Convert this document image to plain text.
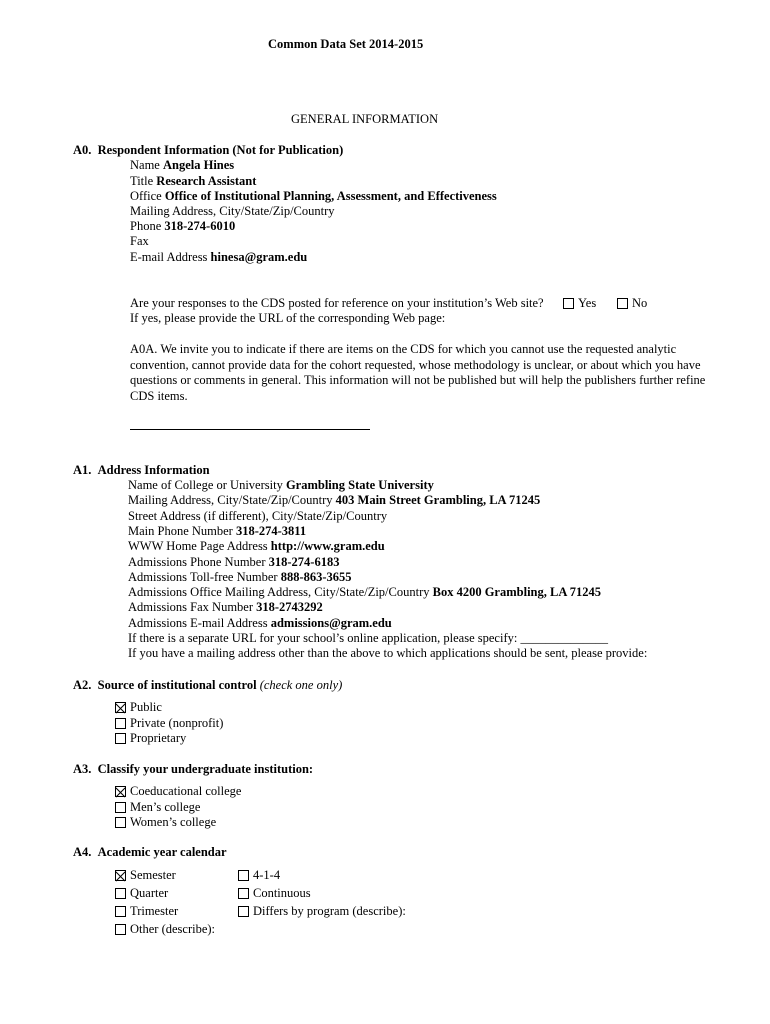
Common Data Set 2014-2015
GENERAL INFORMATION
A0. Respondent Information (Not for Publication)
Name Angela Hines
Title Research Assistant
Office Office of Institutional Planning, Assessment, and Effectiveness
Mailing Address, City/State/Zip/Country
Phone 318-274-6010
Fax
E-mail Address hinesa@gram.edu
Are your responses to the CDS posted for reference on your institution’s Web site?	Yes	No
If yes, please provide the URL of the corresponding Web page:
A0A. We invite you to indicate if there are items on the CDS for which you cannot use the requested analytic convention, cannot provide data for the cohort requested, whose methodology is unclear, or about which you have questions or comments in general. This information will not be published but will help the publishers further refine CDS items.
A1. Address Information
Name of College or University Grambling State University
Mailing Address, City/State/Zip/Country 403 Main Street Grambling, LA 71245
Street Address (if different), City/State/Zip/Country
Main Phone Number 318-274-3811
WWW Home Page Address http://www.gram.edu
Admissions Phone Number 318-274-6183
Admissions Toll-free Number 888-863-3655
Admissions Office Mailing Address, City/State/Zip/Country Box 4200 Grambling, LA 71245
Admissions Fax Number 318-2743292
Admissions E-mail Address admissions@gram.edu
If there is a separate URL for your school’s online application, please specify: ______________
If you have a mailing address other than the above to which applications should be sent, please provide:
A2. Source of institutional control (check one only)
Public
Private (nonprofit)
Proprietary
A3. Classify your undergraduate institution:
Coeducational college
Men’s college
Women’s college
A4. Academic year calendar
Semester
Quarter
Trimester
Other (describe):
4-1-4
Continuous
Differs by program (describe):
